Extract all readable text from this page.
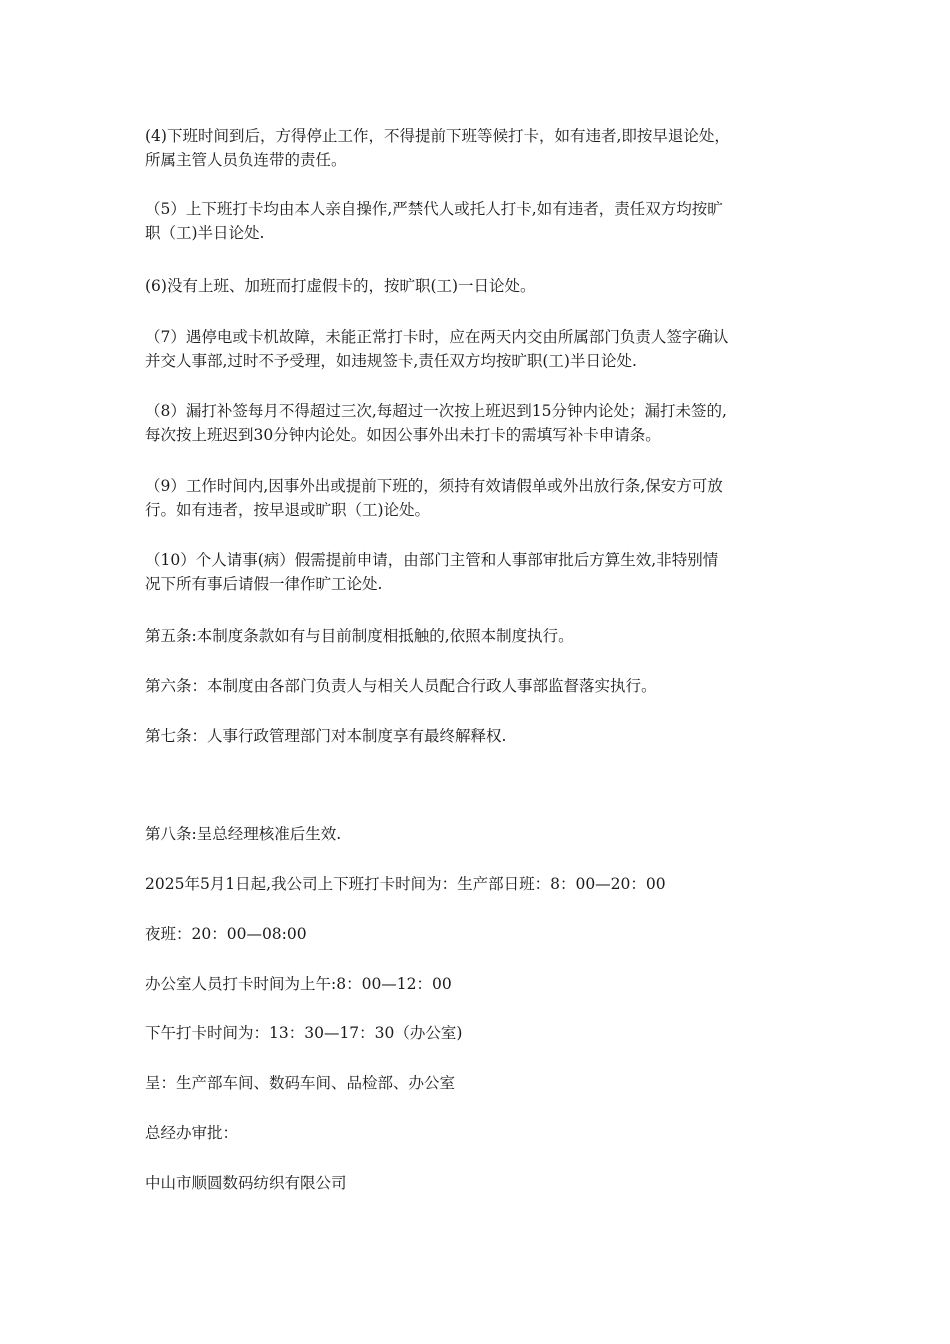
(4)下班时间到后，方得停止工作，不得提前下班等候打卡，如有违者,即按早退论处，
所属主管人员负连带的责任。

（5）上下班打卡均由本人亲自操作,严禁代人或托人打卡,如有违者，责任双方均按旷
职（工)半日论处.

(6)没有上班、加班而打虚假卡的，按旷职(工)一日论处。

（7）遇停电或卡机故障，未能正常打卡时，应在两天内交由所属部门负责人签字确认
并交人事部,过时不予受理，如违规签卡,责任双方均按旷职(工)半日论处.

（8）漏打补签每月不得超过三次,每超过一次按上班迟到15分钟内论处；漏打未签的,
每次按上班迟到30分钟内论处。如因公事外出未打卡的需填写补卡申请条。

（9）工作时间内,因事外出或提前下班的，须持有效请假单或外出放行条,保安方可放
行。如有违者，按早退或旷职（工)论处。

（10）个人请事(病）假需提前申请，由部门主管和人事部审批后方算生效,非特别情
况下所有事后请假一律作旷工论处.

第五条:本制度条款如有与目前制度相抵触的,依照本制度执行。

第六条：本制度由各部门负责人与相关人员配合行政人事部监督落实执行。

第七条：人事行政管理部门对本制度享有最终解释权.

第八条:呈总经理核准后生效.

2025年5月1日起,我公司上下班打卡时间为：生产部日班：8：00—20：00

夜班：20：00—08:00

办公室人员打卡时间为上午:8：00—12：00

下午打卡时间为：13：30—17：30（办公室)

呈：生产部车间、数码车间、品检部、办公室

总经办审批：

中山市顺圆数码纺织有限公司
